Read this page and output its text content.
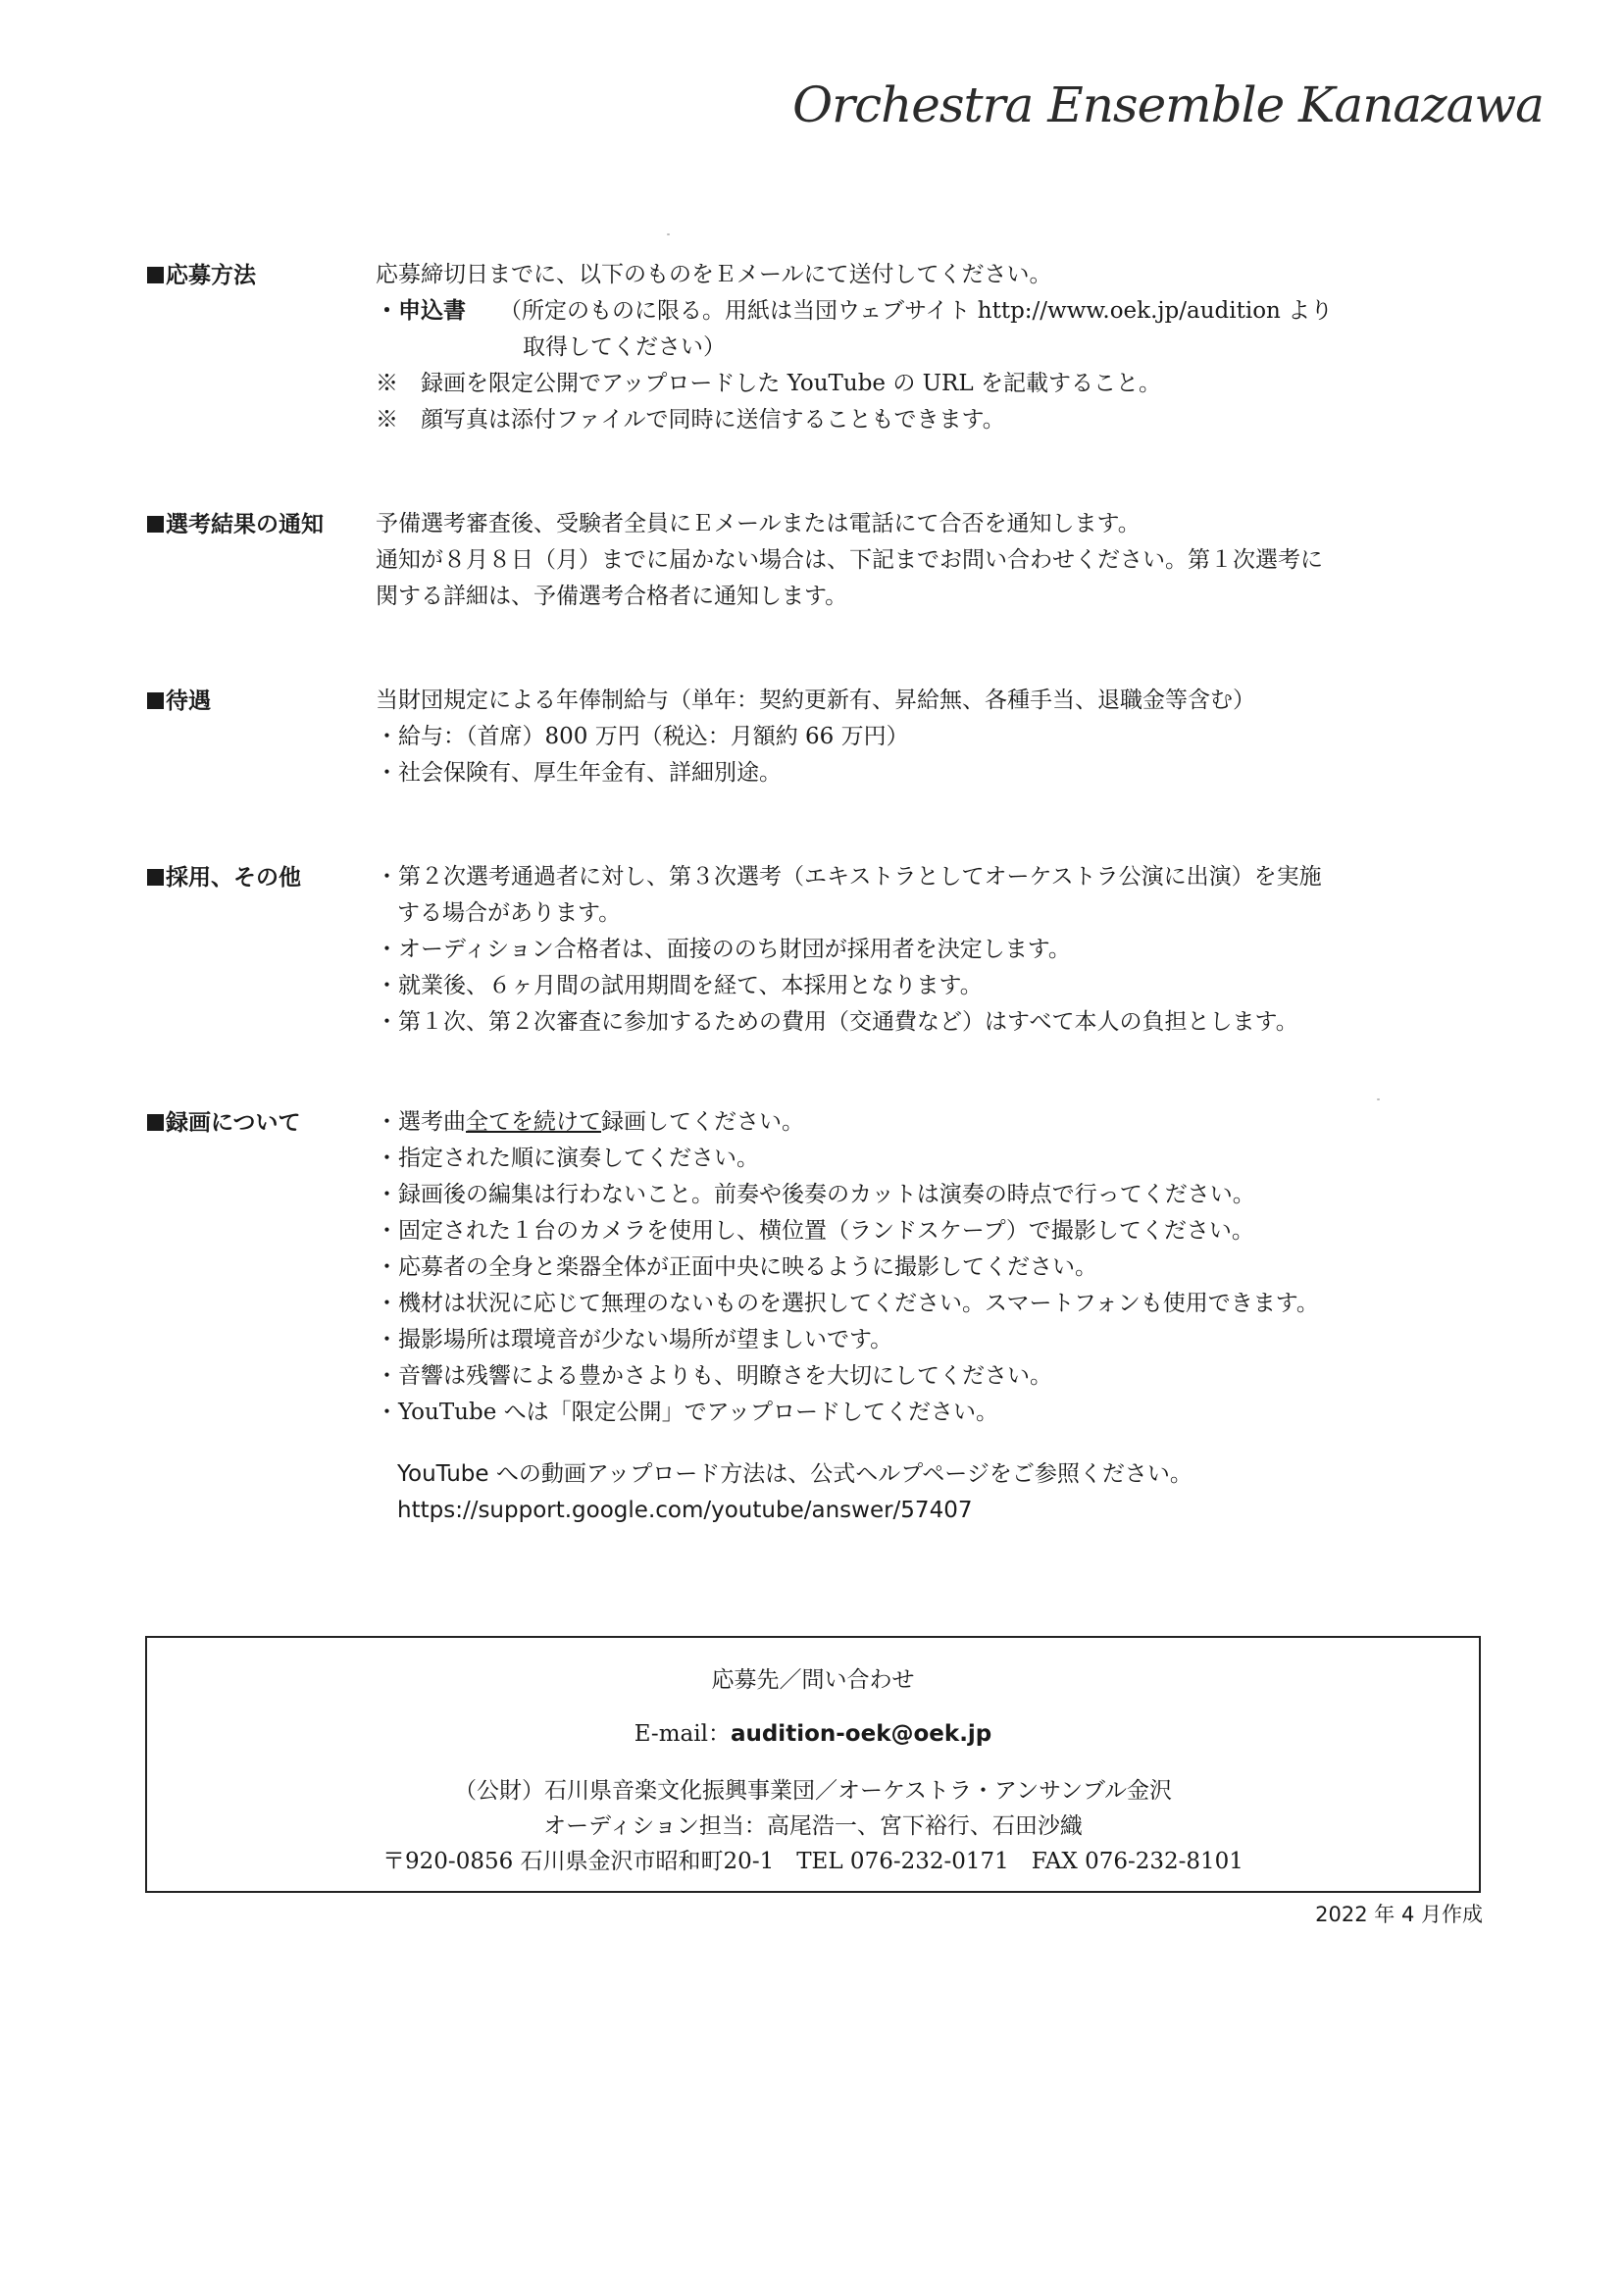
Orchestra Ensemble Kanazawa
応募方法	応募締切日までに、以下のものをＥメールにて送付してください。
・申込書 （所定のものに限る。用紙は当団ウェブサイト http://www.oek.jp/audition より
取得してください）
※　録画を限定公開でアップロードした YouTube の URL を記載すること。
※　顔写真は添付ファイルで同時に送信することもできます。
選考結果の通知	予備選考審査後、受験者全員にＥメールまたは電話にて合否を通知します。
通知が８月８日（月）までに届かない場合は、下記までお問い合わせください。第１次選考に
関する詳細は、予備選考合格者に通知します。
待遇	当財団規定による年俸制給与（単年：契約更新有、昇給無、各種手当、退職金等含む）
・給与：（首席）800 万円（税込：月額約 66 万円）
・社会保険有、厚生年金有、詳細別途。
採用、その他	・第２次選考通過者に対し、第３次選考（エキストラとしてオーケストラ公演に出演）を実施
する場合があります。
・オーディション合格者は、面接ののち財団が採用者を決定します。
・就業後、６ヶ月間の試用期間を経て、本採用となります。
・第１次、第２次審査に参加するための費用（交通費など）はすべて本人の負担とします。
録画について	・選考曲全てを続けて録画してください。
・指定された順に演奏してください。
・録画後の編集は行わないこと。前奏や後奏のカットは演奏の時点で行ってください。
・固定された１台のカメラを使用し、横位置（ランドスケープ）で撮影してください。
・応募者の全身と楽器全体が正面中央に映るように撮影してください。
・機材は状況に応じて無理のないものを選択してください。スマートフォンも使用できます。
・撮影場所は環境音が少ない場所が望ましいです。
・音響は残響による豊かさよりも、明瞭さを大切にしてください。
・YouTube へは「限定公開」でアップロードしてください。
YouTube への動画アップロード方法は、公式ヘルプページをご参照ください。
https://support.google.com/youtube/answer/57407
応募先／問い合わせ
E-mail：audition-oek@oek.jp
（公財）石川県音楽文化振興事業団／オーケストラ・アンサンブル金沢
オーディション担当：高尾浩一、宮下裕行、石田沙織
〒920-0856 石川県金沢市昭和町20-1　TEL 076-232-0171　FAX 076-232-8101
2022 年 4 月作成
